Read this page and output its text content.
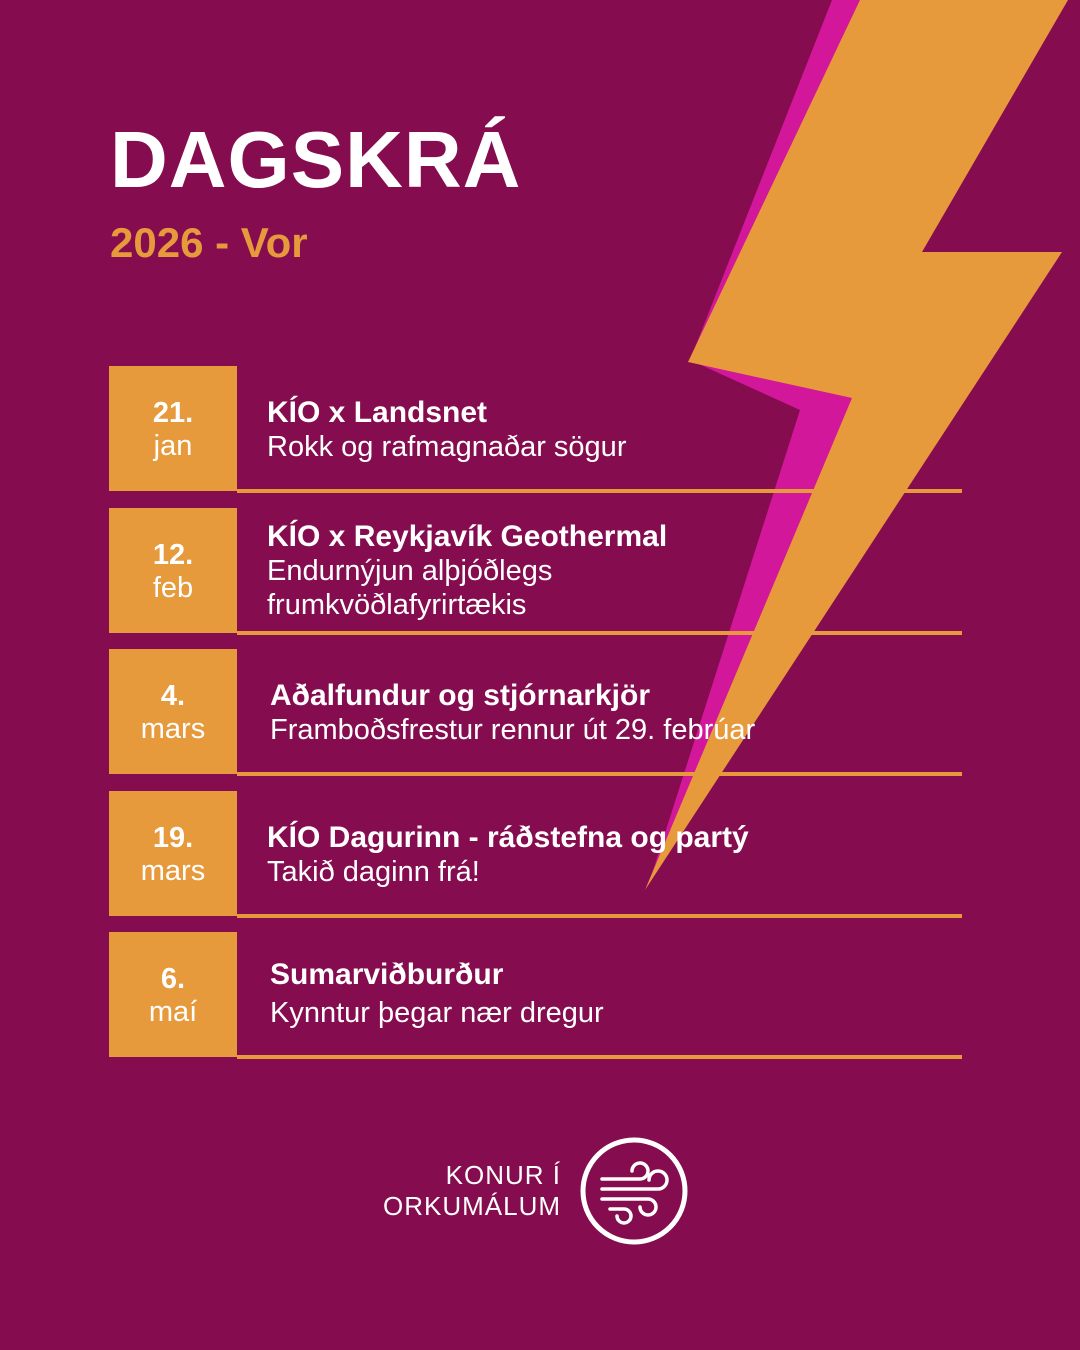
DAGSKRÁ
2026 - Vor
21.
jan
KÍO x Landsnet
Rokk og rafmagnaðar sögur
12.
feb
KÍO x Reykjavík Geothermal
Endurnýjun alþjóðlegs frumkvöðlafyrirtækis
4.
mars
Aðalfundur og stjórnarkjör
Framboðsfrestur rennur út 29. febrúar
19.
mars
KÍO Dagurinn - ráðstefna og partý
Takið daginn frá!
6.
maí
Sumarviðburður
Kynntur þegar nær dregur
KONUR Í
ORKUMÁLUM
